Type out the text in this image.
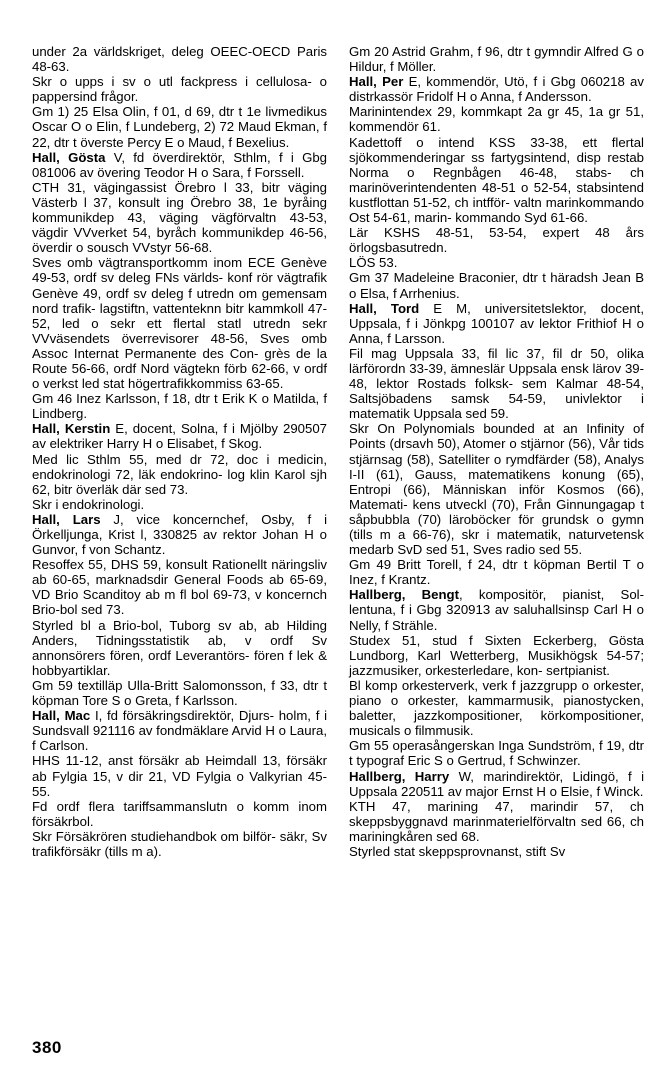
under 2a världskriget, deleg OEEC-OECD Paris 48-63.

Skr o upps i sv o utl fackpress i cellulosa- o pappersind frågor.

Gm 1) 25 Elsa Olin, f 01, d 69, dtr t 1e livmedikus Oscar O o Elin, f Lundeberg, 2) 72 Maud Ekman, f 22, dtr t överste Percy E o Maud, f Bexelius.

Hall, Gösta V, fd överdirektör, Sthlm, f i Gbg 081006 av övering Teodor H o Sara, f Forssell.

CTH 31, vägingassist Örebro l 33, bitr väging Västerb l 37, konsult ing Örebro 38, 1e byråing kommunikdep 43, väging vägförvaltn 43-53, vägdir VVverket 54, byråch kommunikdep 46-56, överdir o sousch VVstyr 56-68.

Sves omb vägtransportkomm inom ECE Genève 49-53, ordf sv deleg FNs världs- konf rör vägtrafik Genève 49, ordf sv deleg f utredn om gemensam nord trafik- lagstiftn, vattenteknn bitr kammkoll 47-52, led o sekr ett flertal statl utredn sekr VVväsendets överrevisorer 48-56, Sves omb Assoc Internat Permanente des Con- grès de la Route 56-66, ordf Nord vägtekn förb 62-66, v ordf o verkst led stat högertrafikkommiss 63-65.

Gm 46 Inez Karlsson, f 18, dtr t Erik K o Matilda, f Lindberg.

Hall, Kerstin E, docent, Solna, f i Mjölby 290507 av elektriker Harry H o Elisabet, f Skog.

Med lic Sthlm 55, med dr 72, doc i medicin, endokrinologi 72, läk endokrino- log klin Karol sjh 62, bitr överläk där sed 73.

Skr i endokrinologi.

Hall, Lars J, vice koncernchef, Osby, f i Örkelljunga, Krist l, 330825 av rektor Johan H o Gunvor, f von Schantz.

Resoffex 55, DHS 59, konsult Rationellt näringsliv ab 60-65, marknadsdir General Foods ab 65-69, VD Brio Scanditoy ab m fl bol 69-73, v koncernch Brio-bol sed 73.

Styrled bl a Brio-bol, Tuborg sv ab, ab Hilding Anders, Tidningsstatistik ab, v ordf Sv annonsörers fören, ordf Leverantörs- fören f lek & hobbyartiklar.

Gm 59 textilläp Ulla-Britt Salomonsson, f 33, dtr t köpman Tore S o Greta, f Karlsson.

Hall, Mac I, fd försäkringsdirektör, Djurs- holm, f i Sundsvall 921116 av fondmäklare Arvid H o Laura, f Carlson.

HHS 11-12, anst försäkr ab Heimdall 13, försäkr ab Fylgia 15, v dir 21, VD Fylgia o Valkyrian 45-55.

Fd ordf flera tariffsammanslutn o komm inom försäkrbol.

Skr Försäkrören studiehandbok om bilför- säkr, Sv trafikförsäkr (tills m a).

Gm 20 Astrid Grahm, f 96, dtr t gymndir Alfred G o Hildur, f Möller.

Hall, Per E, kommendör, Utö, f i Gbg 060218 av distrkassör Fridolf H o Anna, f Andersson.

Marinintendex 29, kommkapt 2a gr 45, 1a gr 51, kommendör 61.

Kadettoff o intend KSS 33-38, ett flertal sjökommenderingar ss fartygsintend, disp restab Norma o Regnbågen 46-48, stabs- ch marinöverintendenten 48-51 o 52-54, stabsintend kustflottan 51-52, ch intfför- valtn marinkommando Ost 54-61, marin- kommando Syd 61-66.

Lär KSHS 48-51, 53-54, expert 48 års örlogsbasutredn.

LÖS 53.

Gm 37 Madeleine Braconier, dtr t häradsh Jean B o Elsa, f Arrhenius.

Hall, Tord E M, universitetslektor, docent, Uppsala, f i Jönkpg 100107 av lektor Frithiof H o Anna, f Larsson.

Fil mag Uppsala 33, fil lic 37, fil dr 50, olika lärförordn 33-39, ämneslär Uppsala ensk lärov 39-48, lektor Rostads folksk- sem Kalmar 48-54, Saltsjöbadens samsk 54-59, univlektor i matematik Uppsala sed 59.

Skr On Polynomials bounded at an Infinity of Points (drsavh 50), Atomer o stjärnor (56), Vår tids stjärnsag (58), Satelliter o rymdfärder (58), Analys I-II (61), Gauss, matematikens konung (65), Entropi (66), Människan inför Kosmos (66), Matemati- kens utveckl (70), Från Ginnungagap t såpbubbla (70) läroböcker för grundsk o gymn (tills m a 66-76), skr i matematik, naturvetensk medarb SvD sed 51, Sves radio sed 55.

Gm 49 Britt Torell, f 24, dtr t köpman Bertil T o Inez, f Krantz.

Hallberg, Bengt, kompositör, pianist, Sol- lentuna, f i Gbg 320913 av saluhallsinsp Carl H o Nelly, f Strähle.

Studex 51, stud f Sixten Eckerberg, Gösta Lundborg, Karl Wetterberg, Musikhögsk 54-57; jazzmusiker, orkesterledare, kon- sertpianist.

Bl komp orkesterverk, verk f jazzgrupp o orkester, piano o orkester, kammarmusik, pianostycken, baletter, jazzkompositioner, körkompositioner, musicals o filmmusik.

Gm 55 operasångerskan Inga Sundström, f 19, dtr t typograf Eric S o Gertrud, f Schwinzer.

Hallberg, Harry W, marindirektör, Lidingö, f i Uppsala 220511 av major Ernst H o Elsie, f Winck.

KTH 47, marining 47, marindir 57, ch skeppsbyggnavd marinmaterielförvaltn sed 66, ch mariningkåren sed 68.

Styrled stat skeppsprovnanst, stift Sv

380
